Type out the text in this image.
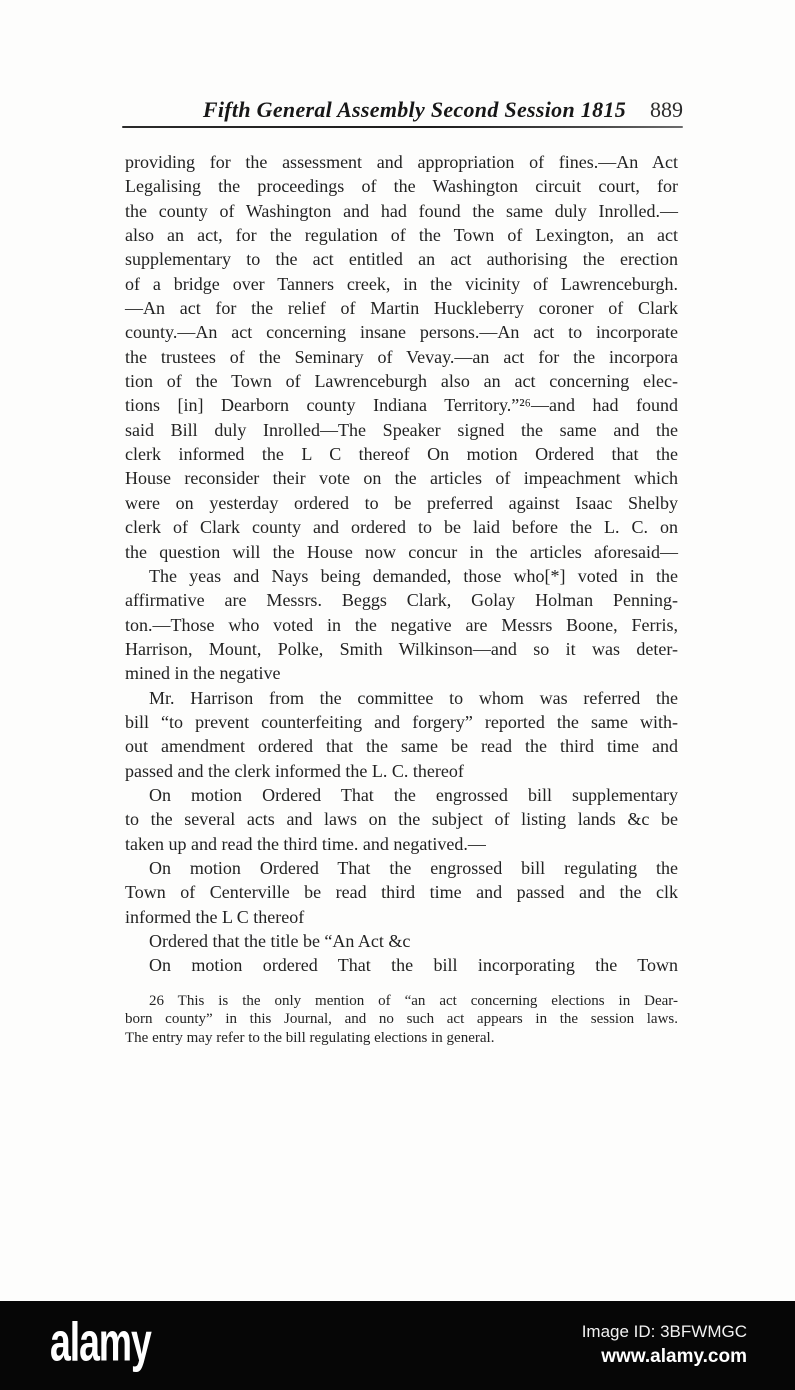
Fifth General Assembly Second Session 1815 889
providing for the assessment and appropriation of fines.—An Act
Legalising the proceedings of the Washington circuit court, for
the county of Washington and had found the same duly Inrolled.—
also an act, for the regulation of the Town of Lexington, an act
supplementary to the act entitled an act authorising the erection
of a bridge over Tanners creek, in the vicinity of Lawrenceburgh.
—An act for the relief of Martin Huckleberry coroner of Clark
county.—An act concerning insane persons.—An act to incorporate
the trustees of the Seminary of Vevay.—an act for the incorpora
tion of the Town of Lawrenceburgh also an act concerning elec-
tions [in] Dearborn county Indiana Territory.”²⁶—and had found
said Bill duly Inrolled—The Speaker signed the same and the
clerk informed the L C thereof On motion Ordered that the
House reconsider their vote on the articles of impeachment which
were on yesterday ordered to be preferred against Isaac Shelby
clerk of Clark county and ordered to be laid before the L. C. on
the question will the House now concur in the articles aforesaid—
The yeas and Nays being demanded, those who[*] voted in the
affirmative are Messrs. Beggs Clark, Golay Holman Penning-
ton.—Those who voted in the negative are Messrs Boone, Ferris,
Harrison, Mount, Polke, Smith Wilkinson—and so it was deter-
mined in the negative
Mr. Harrison from the committee to whom was referred the
bill “to prevent counterfeiting and forgery” reported the same with-
out amendment ordered that the same be read the third time and
passed and the clerk informed the L. C. thereof
On motion Ordered That the engrossed bill supplementary
to the several acts and laws on the subject of listing lands &c be
taken up and read the third time. and negatived.—
On motion Ordered That the engrossed bill regulating the
Town of Centerville be read third time and passed and the clk
informed the L C thereof
Ordered that the title be “An Act &c
On motion ordered That the bill incorporating the Town
26 This is the only mention of “an act concerning elections in Dear-
born county” in this Journal, and no such act appears in the session laws.
The entry may refer to the bill regulating elections in general.
alamy	Image ID: 3BFWMGC
www.alamy.com
